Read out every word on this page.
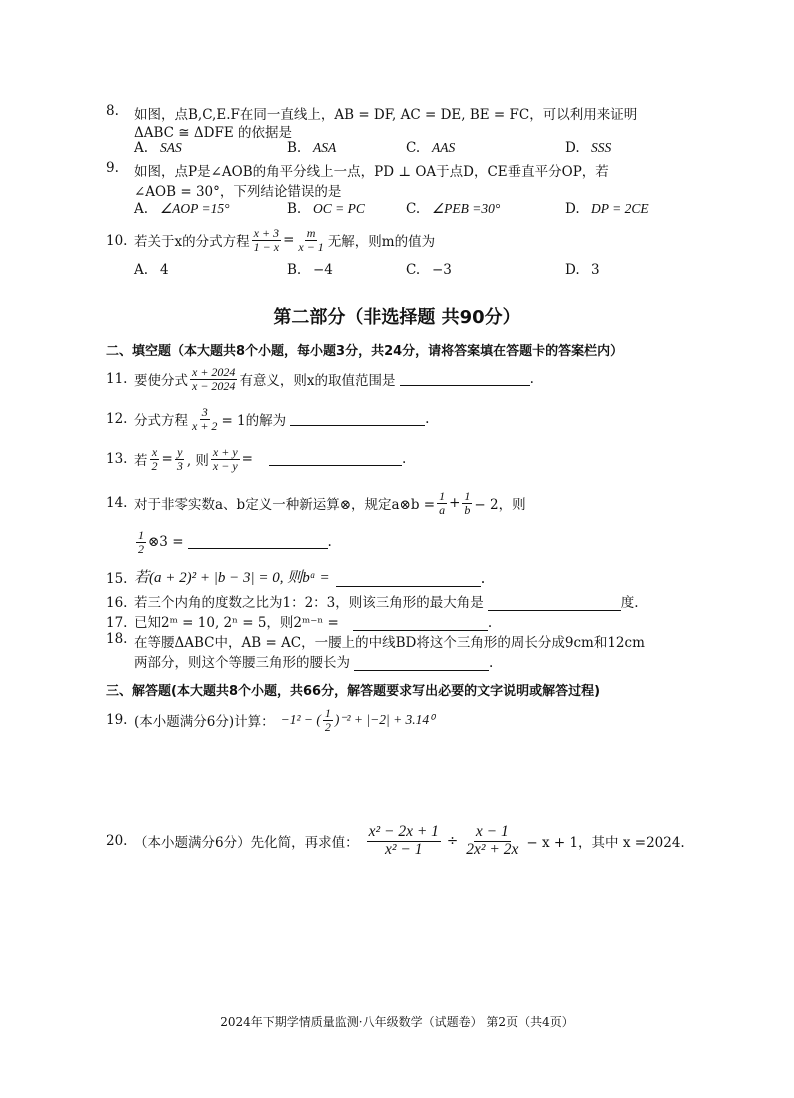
8. 如图，点B,C,E.F在同一直线上，AB = DF, AC = DE, BE = FC，可以利用来证明
ΔABC ≅ ΔDFE 的依据是
A. SAS	B. ASA	C. AAS	D. SSS
9. 如图，点P是∠AOB的角平分线上一点，PD ⊥ OA于点D，CE垂直平分OP，若
∠AOB = 30°，下列结论错误的是
A. ∠AOP =15°	B. OC = PC	C. ∠PEB =30°	D. DP = 2CE
10. 若关于x的分式方程 $\frac{x + 3}{1 - x} = \frac{m}{x - 1}$ 无解，则m的值为
A. 4	B. −4	C. −3	D. 3
第二部分（非选择题 共90分）
二、填空题（本大题共8个小题，每小题3分，共24分，请将答案填在答题卡的答案栏内）
11. 要使分式 $\frac{x + 2024}{x - 2024}$ 有意义，则x的取值范围是	.
12. 分式方程 $\frac{3}{x + 2} = 1$的解为	.
13. 若 $\frac{x}{2} = \frac{y}{3}$ , 则 $\frac{x + y}{x - y}$ =	.
14. 对于非零实数a、b定义一种新运算⊗，规定a⊗b = $\frac{1}{a} + \frac{1}{b} - 2$，则
$\frac{1}{2}$ ⊗3 =	.
15. 若(a + 2)² + |b − 3| = 0, 则bᵃ =	.
16. 若三个内角的度数之比为1：2：3，则该三角形的最大角是	度.
17. 已知2ᵐ = 10, 2ⁿ = 5，则2ᵐ⁻ⁿ =	.
18. 在等腰ΔABC中，AB = AC，一腰上的中线BD将这个三角形的周长分成9cm和12cm
两部分，则这个等腰三角形的腰长为	.
三、解答题(本大题共8个小题，共66分，解答题要求写出必要的文字说明或解答过程)
19. (本小题满分6分)计算： −1² − ( $\frac{1}{2} )^{-2} + |-2| + 3.14^0$
20. （本小题满分6分）先化简，再求值： $\frac{\text{x² − 2x + 1}}{\text{x² − 1}} \div \frac{x - 1}{\text{2x² + 2x}} - x + 1$，其中 x =2024.
2024年下期学情质量监测·八年级数学（试题卷） 第2页（共4页）
